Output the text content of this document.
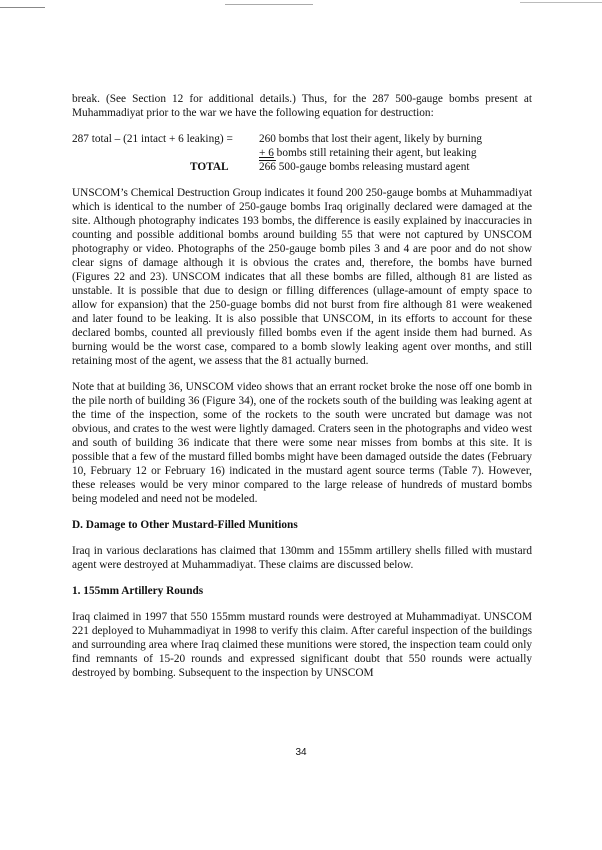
break. (See Section 12 for additional details.) Thus, for the 287 500-gauge bombs present at Muhammadiyat prior to the war we have the following equation for destruction:

287 total – (21 intact + 6 leaking) = 260 bombs that lost their agent, likely by burning
+ 6 bombs still retaining their agent, but leaking
TOTAL	266 500-gauge bombs releasing mustard agent

UNSCOM’s Chemical Destruction Group indicates it found 200 250-gauge bombs at Muhammadiyat which is identical to the number of 250-gauge bombs Iraq originally declared were damaged at the site. Although photography indicates 193 bombs, the difference is easily explained by inaccuracies in counting and possible additional bombs around building 55 that were not captured by UNSCOM photography or video. Photographs of the 250-gauge bomb piles 3 and 4 are poor and do not show clear signs of damage although it is obvious the crates and, therefore, the bombs have burned (Figures 22 and 23). UNSCOM indicates that all these bombs are filled, although 81 are listed as unstable. It is possible that due to design or filling differences (ullage-amount of empty space to allow for expansion) that the 250-guage bombs did not burst from fire although 81 were weakened and later found to be leaking. It is also possible that UNSCOM, in its efforts to account for these declared bombs, counted all previously filled bombs even if the agent inside them had burned. As burning would be the worst case, compared to a bomb slowly leaking agent over months, and still retaining most of the agent, we assess that the 81 actually burned.

Note that at building 36, UNSCOM video shows that an errant rocket broke the nose off one bomb in the pile north of building 36 (Figure 34), one of the rockets south of the building was leaking agent at the time of the inspection, some of the rockets to the south were uncrated but damage was not obvious, and crates to the west were lightly damaged. Craters seen in the photographs and video west and south of building 36 indicate that there were some near misses from bombs at this site. It is possible that a few of the mustard filled bombs might have been damaged outside the dates (February 10, February 12 or February 16) indicated in the mustard agent source terms (Table 7). However, these releases would be very minor compared to the large release of hundreds of mustard bombs being modeled and need not be modeled.

D. Damage to Other Mustard-Filled Munitions

Iraq in various declarations has claimed that 130mm and 155mm artillery shells filled with mustard agent were destroyed at Muhammadiyat. These claims are discussed below.

1. 155mm Artillery Rounds

Iraq claimed in 1997 that 550 155mm mustard rounds were destroyed at Muhammadiyat. UNSCOM 221 deployed to Muhammadiyat in 1998 to verify this claim. After careful inspection of the buildings and surrounding area where Iraq claimed these munitions were stored, the inspection team could only find remnants of 15-20 rounds and expressed significant doubt that 550 rounds were actually destroyed by bombing. Subsequent to the inspection by UNSCOM

34
